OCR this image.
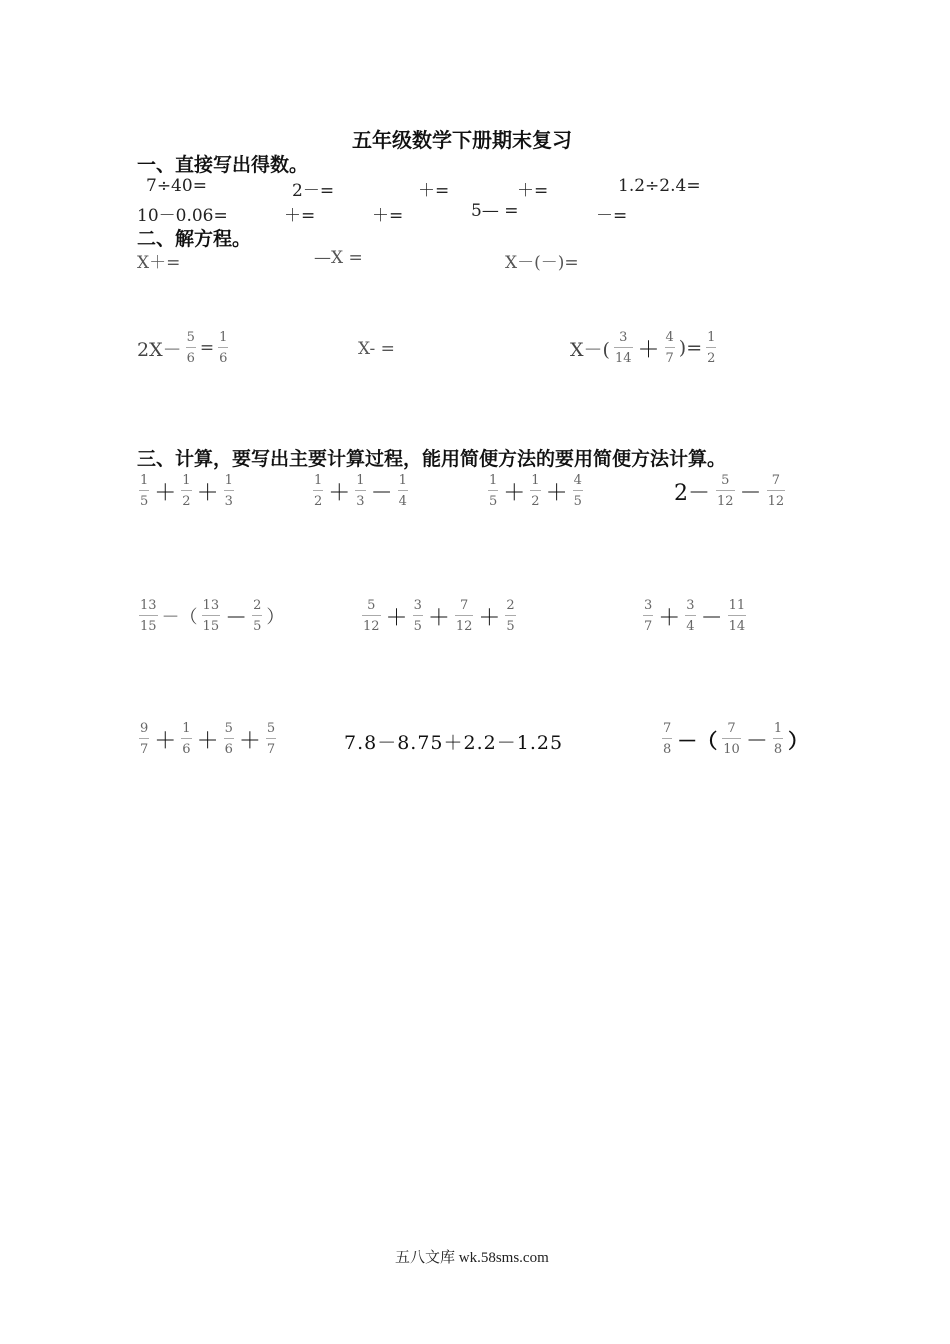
五年级数学下册期末复习
一、直接写出得数。
7÷40=	2－=	＋=	＋=	1.2÷2.4=
10－0.06=	＋=	＋=	5— =	－=
二、解方程。
X＋=	—X =	X－(－)=
$2X- \frac{5}{6} = \frac{1}{6}$	X- =	$X-( \frac{3}{14} + \frac{4}{7}$ )= $\frac{1}{2}$
三、计算，要写出主要计算过程，能用简便方法的要用简便方法计算。
$\frac{1}{5} + \frac{1}{2} + \frac{1}{3}$	$\frac{1}{2} + \frac{1}{3} - \frac{1}{4}$	$\frac{1}{5} + \frac{1}{2} + \frac{4}{5}$	$2- \frac{5}{12} - \frac{7}{12}$
$\frac{13}{15}$ －（ $\frac{13}{15} - \frac{2}{5}$ ）	$\frac{5}{12} + \frac{3}{5} + \frac{7}{12} + \frac{2}{5}$	$\frac{3}{7} + \frac{3}{4} - \frac{11}{14}$
$\frac{9}{7} + \frac{1}{6} + \frac{5}{6} + \frac{5}{7}$	7.8－8.75＋2.2－1.25	$\frac{7}{8}$ －（ $\frac{7}{10} - \frac{1}{8}$ ）
五八文库 wk.58sms.com
